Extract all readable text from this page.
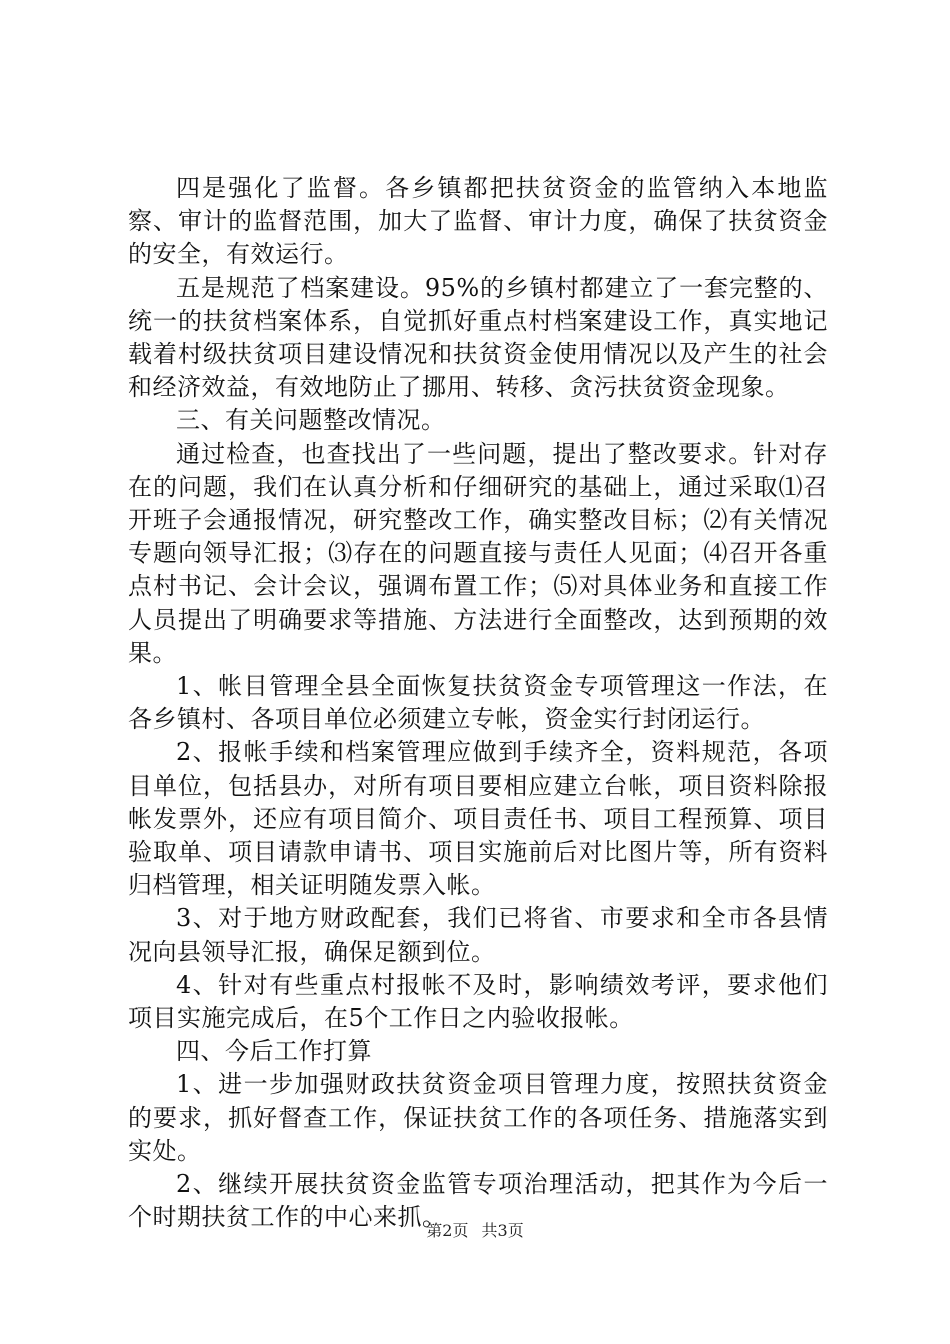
四是强化了监督。各乡镇都把扶贫资金的监管纳入本地监察、审计的监督范围，加大了监督、审计力度，确保了扶贫资金的安全，有效运行。

五是规范了档案建设。95%的乡镇村都建立了一套完整的、统一的扶贫档案体系，自觉抓好重点村档案建设工作，真实地记载着村级扶贫项目建设情况和扶贫资金使用情况以及产生的社会和经济效益，有效地防止了挪用、转移、贪污扶贫资金现象。

三、有关问题整改情况。

通过检查，也查找出了一些问题，提出了整改要求。针对存在的问题，我们在认真分析和仔细研究的基础上，通过采取⑴召开班子会通报情况，研究整改工作，确实整改目标；⑵有关情况专题向领导汇报；⑶存在的问题直接与责任人见面；⑷召开各重点村书记、会计会议，强调布置工作；⑸对具体业务和直接工作人员提出了明确要求等措施、方法进行全面整改，达到预期的效果。

1、帐目管理全县全面恢复扶贫资金专项管理这一作法，在各乡镇村、各项目单位必须建立专帐，资金实行封闭运行。

2、报帐手续和档案管理应做到手续齐全，资料规范，各项目单位，包括县办，对所有项目要相应建立台帐，项目资料除报帐发票外，还应有项目简介、项目责任书、项目工程预算、项目验取单、项目请款申请书、项目实施前后对比图片等，所有资料归档管理，相关证明随发票入帐。

3、对于地方财政配套，我们已将省、市要求和全市各县情况向县领导汇报，确保足额到位。

4、针对有些重点村报帐不及时，影响绩效考评，要求他们项目实施完成后，在5个工作日之内验收报帐。

四、今后工作打算

1、进一步加强财政扶贫资金项目管理力度，按照扶贫资金的要求，抓好督查工作，保证扶贫工作的各项任务、措施落实到实处。

2、继续开展扶贫资金监管专项治理活动，把其作为今后一个时期扶贫工作的中心来抓。

第2页 共3页
